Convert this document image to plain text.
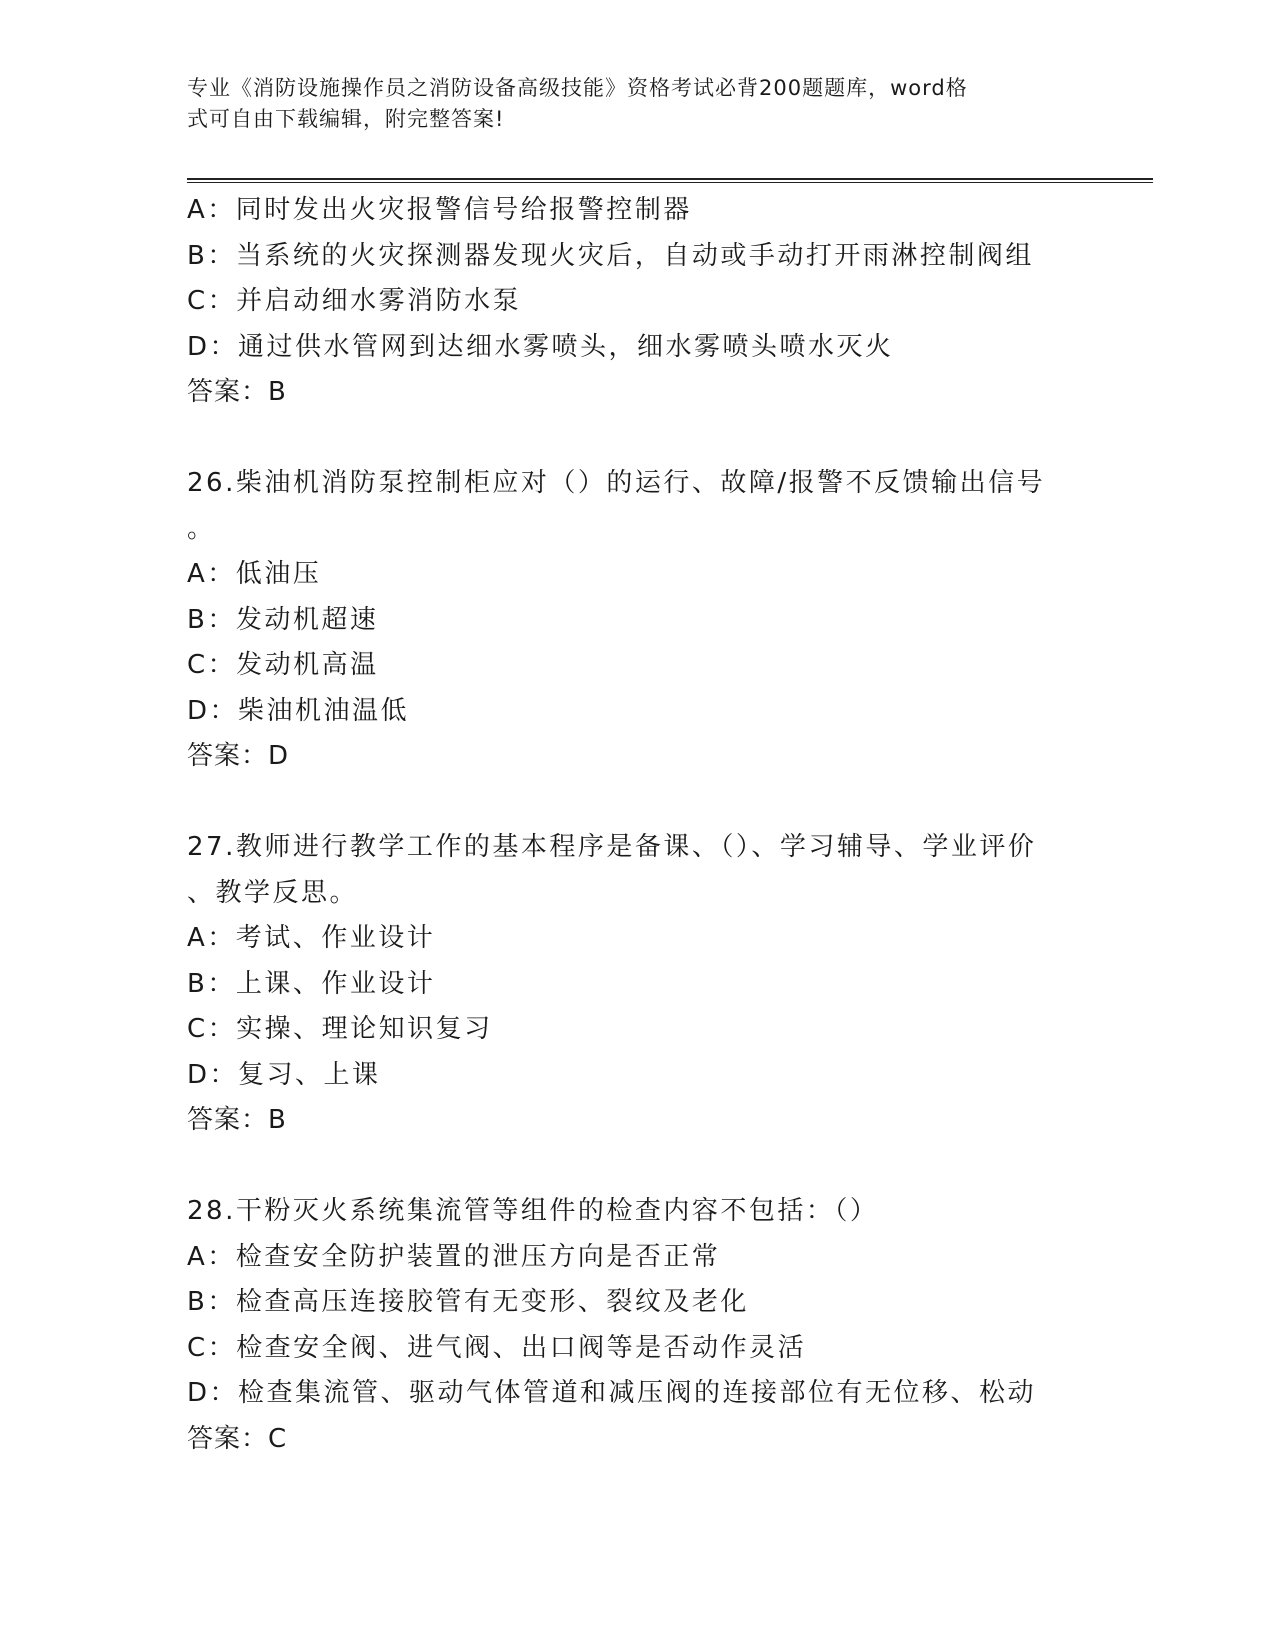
专业《消防设施操作员之消防设备高级技能》资格考试必背200题题库，word格
式可自由下载编辑，附完整答案!
A：同时发出火灾报警信号给报警控制器
B：当系统的火灾探测器发现火灾后，自动或手动打开雨淋控制阀组
C：并启动细水雾消防水泵
D：通过供水管网到达细水雾喷头，细水雾喷头喷水灭火
答案：B
26.柴油机消防泵控制柜应对（）的运行、故障/报警不反馈输出信号
。
A：低油压
B：发动机超速
C：发动机高温
D：柴油机油温低
答案：D
27.教师进行教学工作的基本程序是备课、（）、学习辅导、学业评价
、教学反思。
A：考试、作业设计
B：上课、作业设计
C：实操、理论知识复习
D：复习、上课
答案：B
28.干粉灭火系统集流管等组件的检查内容不包括：（）
A：检查安全防护装置的泄压方向是否正常
B：检查高压连接胶管有无变形、裂纹及老化
C：检查安全阀、进气阀、出口阀等是否动作灵活
D：检查集流管、驱动气体管道和减压阀的连接部位有无位移、松动
答案：C
